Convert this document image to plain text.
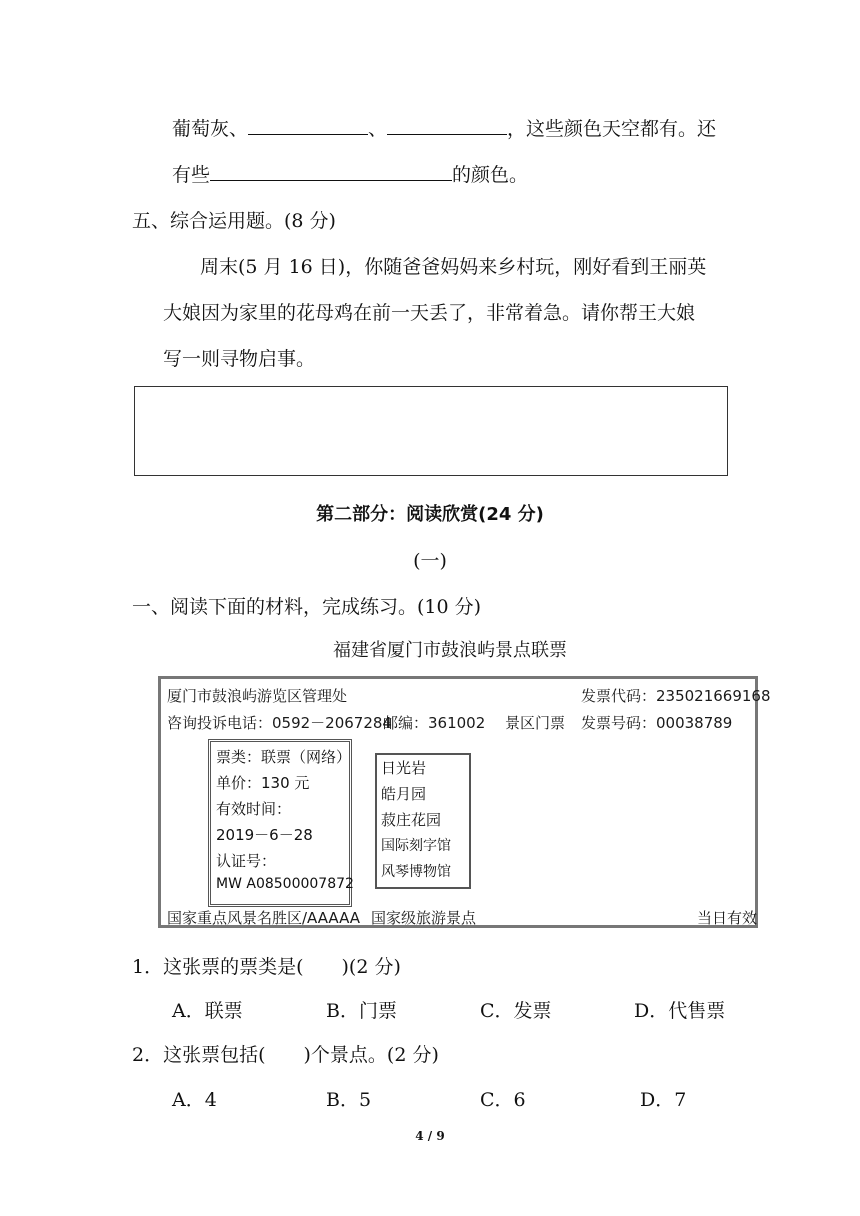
葡萄灰、	、	，这些颜色天空都有。还
有些	的颜色。
五、综合运用题。(8 分)
周末(5 月 16 日)，你随爸爸妈妈来乡村玩，刚好看到王丽英
大娘因为家里的花母鸡在前一天丢了，非常着急。请你帮王大娘
写一则寻物启事。
第二部分：阅读欣赏(24 分)
(一)
一、阅读下面的材料，完成练习。(10 分)
福建省厦门市鼓浪屿景点联票
厦门市鼓浪屿游览区管理处	发票代码：235021669168
咨询投诉电话：0592－2067284
邮编：361002 景区门票 发票号码：00038789
票类：联票（网络）
单价：130 元
有效时间：
2019－6－28
认证号：
MW A08500007872
日光岩
皓月园
菽庄花园
国际刻字馆
风琴博物馆
国家重点风景名胜区/AAAAA 国家级旅游景点	当日有效
1．这张票的票类是(　　)(2 分)
A．联票	B．门票	C．发票	D．代售票
2．这张票包括(　　)个景点。(2 分)
A．4	B．5	C．6	D．7
4 / 9
